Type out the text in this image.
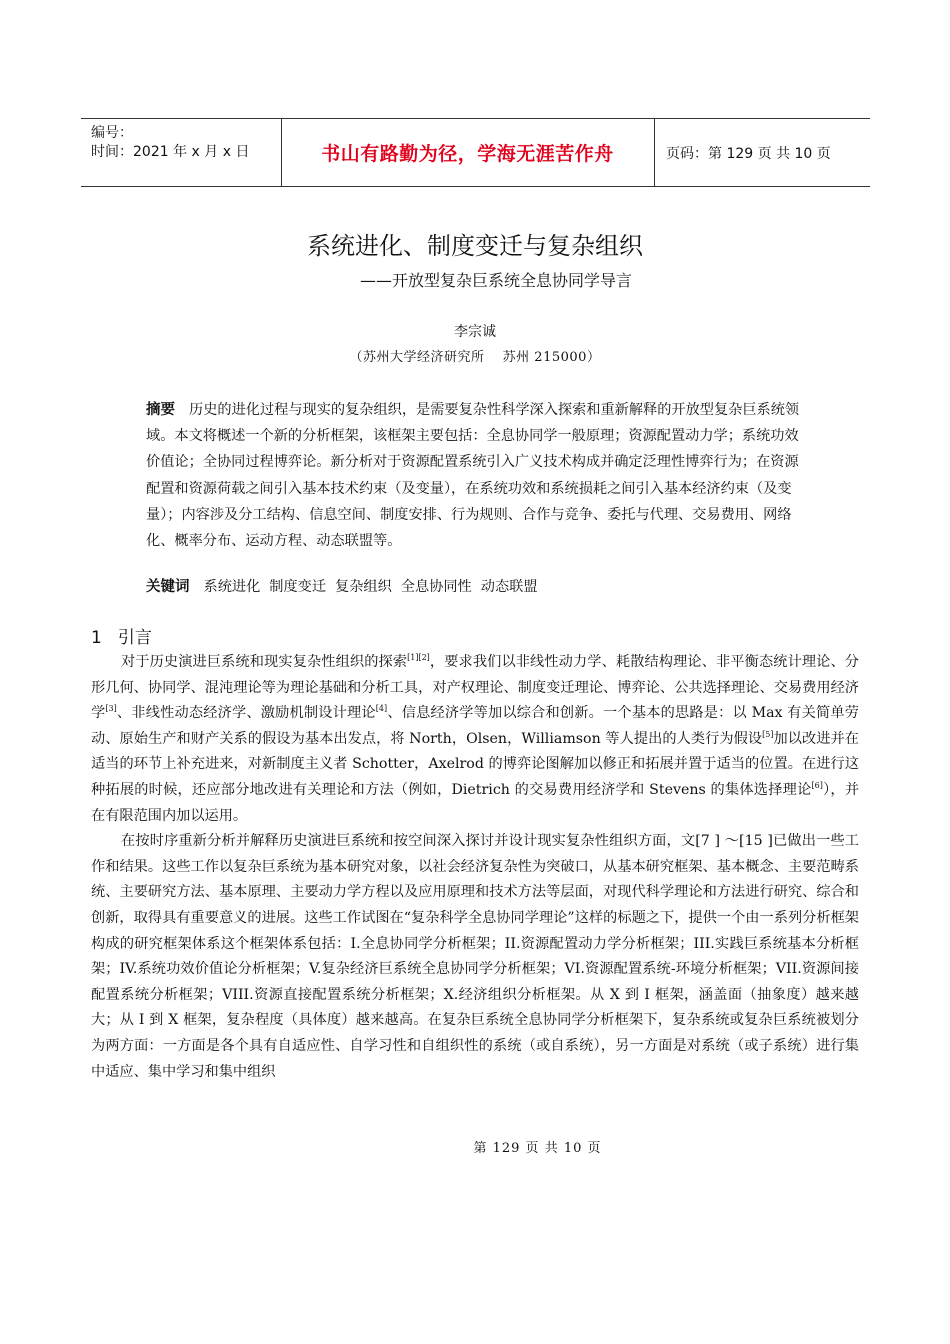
编号：
时间：2021 年 x 月 x 日	书山有路勤为径，学海无涯苦作舟	页码：第 129 页 共 10 页
系统进化、制度变迁与复杂组织
——开放型复杂巨系统全息协同学导言
李宗诚
（苏州大学经济研究所　 苏州 215000）
摘要 历史的进化过程与现实的复杂组织，是需要复杂性科学深入探索和重新解释的开放型复杂巨系统领域。本文将概述一个新的分析框架，该框架主要包括：全息协同学一般原理；资源配置动力学；系统功效价值论；全协同过程博弈论。新分析对于资源配置系统引入广义技术构成并确定泛理性博弈行为；在资源配置和资源荷载之间引入基本技术约束（及变量），在系统功效和系统损耗之间引入基本经济约束（及变量）；内容涉及分工结构、信息空间、制度安排、行为规则、合作与竞争、委托与代理、交易费用、网络化、概率分布、运动方程、动态联盟等。
关键词 系统进化  制度变迁  复杂组织  全息协同性  动态联盟
1 引言

对于历史演进巨系统和现实复杂性组织的探索[1][2]，要求我们以非线性动力学、耗散结构理论、非平衡态统计理论、分形几何、协同学、混沌理论等为理论基础和分析工具，对产权理论、制度变迁理论、博弈论、公共选择理论、交易费用经济学[3]、非线性动态经济学、激励机制设计理论[4]、信息经济学等加以综合和创新。一个基本的思路是：以 Max 有关简单劳动、原始生产和财产关系的假设为基本出发点，将 North，Olsen，Williamson 等人提出的人类行为假设[5]加以改进并在适当的环节上补充进来，对新制度主义者 Schotter，Axelrod 的博弈论图解加以修正和拓展并置于适当的位置。在进行这种拓展的时候，还应部分地改进有关理论和方法（例如，Dietrich 的交易费用经济学和 Stevens 的集体选择理论[6]），并在有限范围内加以运用。

在按时序重新分析并解释历史演进巨系统和按空间深入探讨并设计现实复杂性组织方面，文[7 ] ～[15 ]已做出一些工作和结果。这些工作以复杂巨系统为基本研究对象，以社会经济复杂性为突破口，从基本研究框架、基本概念、主要范畴系统、主要研究方法、基本原理、主要动力学方程以及应用原理和技术方法等层面，对现代科学理论和方法进行研究、综合和创新，取得具有重要意义的进展。这些工作试图在“复杂科学全息协同学理论”这样的标题之下，提供一个由一系列分析框架构成的研究框架体系这个框架体系包括：I.全息协同学分析框架；II.资源配置动力学分析框架；III.实践巨系统基本分析框架；IV.系统功效价值论分析框架；V.复杂经济巨系统全息协同学分析框架；VI.资源配置系统-环境分析框架；VII.资源间接配置系统分析框架；VIII.资源直接配置系统分析框架；X.经济组织分析框架。从 X 到 I 框架，涵盖面（抽象度）越来越大；从 I 到 X 框架，复杂程度（具体度）越来越高。在复杂巨系统全息协同学分析框架下，复杂系统或复杂巨系统被划分为两方面：一方面是各个具有自适应性、自学习性和自组织性的系统（或自系统），另一方面是对系统（或子系统）进行集中适应、集中学习和集中组织

第 129 页 共 10 页
